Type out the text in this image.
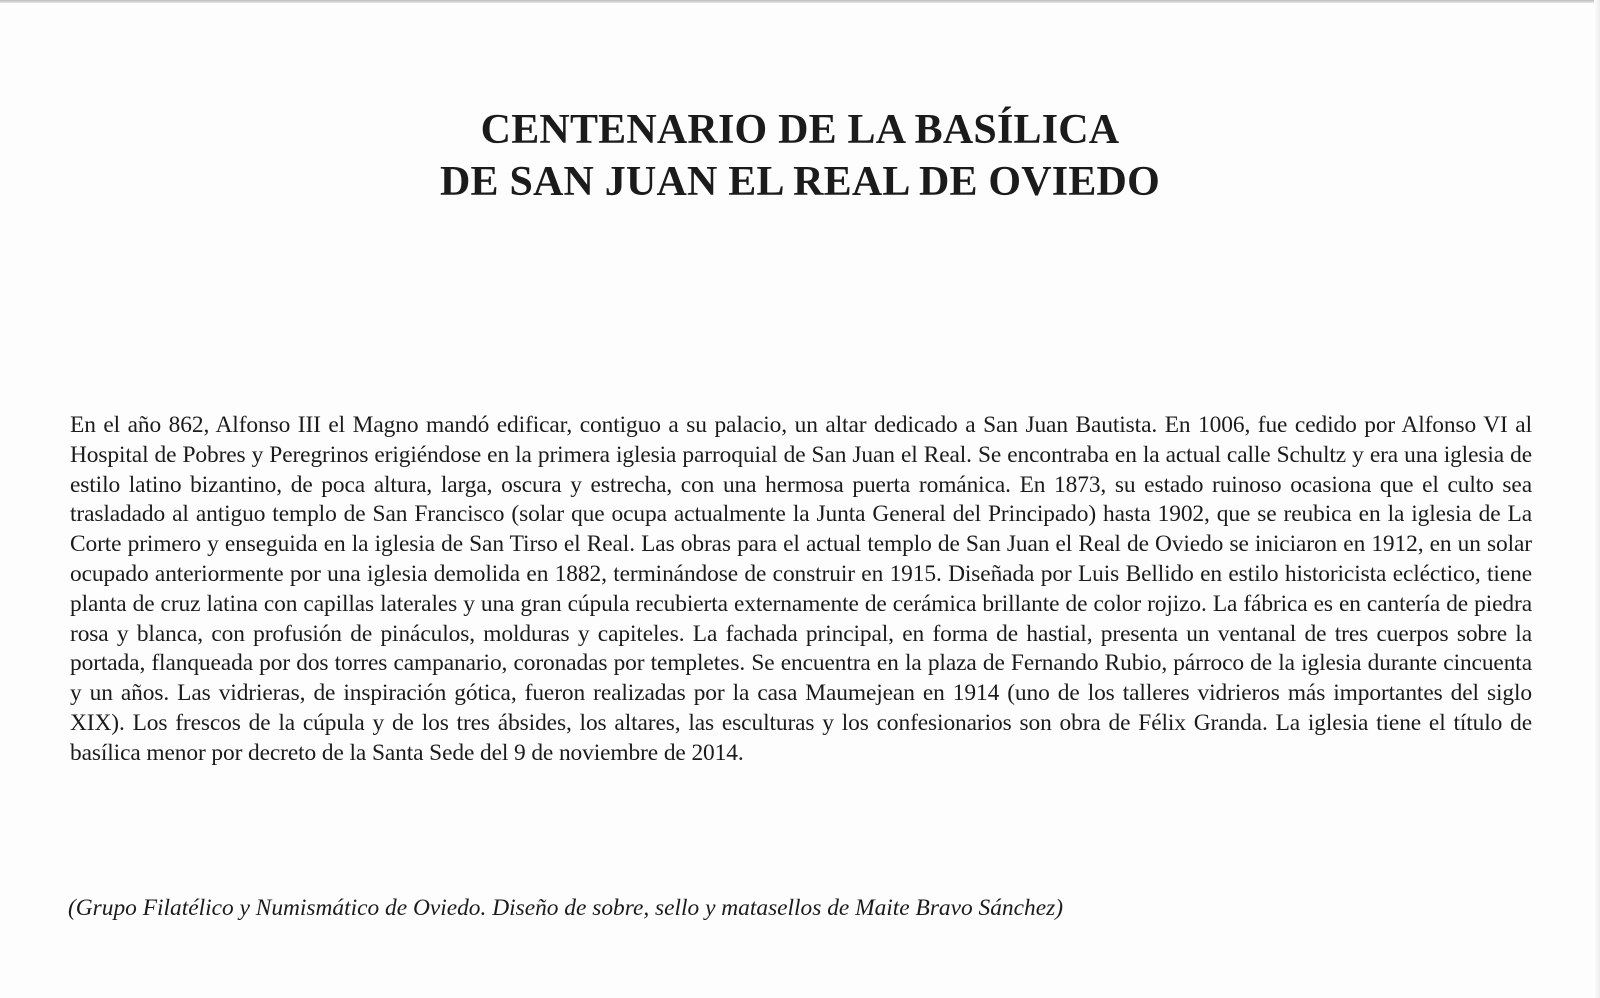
CENTENARIO DE LA BASÍLICA
DE SAN JUAN EL REAL DE OVIEDO

En el año 862, Alfonso III el Magno mandó edificar, contiguo a su palacio, un altar dedicado a San Juan Bautista. En 1006, fue cedido por Alfonso VI al Hospital de Pobres y Peregrinos erigiéndose en la primera iglesia parroquial de San Juan el Real. Se encontraba en la actual calle Schultz y era una iglesia de estilo latino bizantino, de poca altura, larga, oscura y estrecha, con una hermosa puerta románica. En 1873, su estado ruinoso ocasiona que el culto sea trasladado al antiguo templo de San Francisco (solar que ocupa actualmente la Junta General del Principado) hasta 1902, que se reubica en la iglesia de La Corte primero y enseguida en la iglesia de San Tirso el Real. Las obras para el actual templo de San Juan el Real de Oviedo se iniciaron en 1912, en un solar ocupado anteriormente por una iglesia demolida en 1882, terminándose de construir en 1915. Diseñada por Luis Bellido en estilo historicista ecléctico, tiene planta de cruz latina con capillas laterales y una gran cúpula recubierta externamente de cerámica brillante de color rojizo. La fábrica es en cantería de piedra rosa y blanca, con profusión de pináculos, molduras y capiteles. La fachada principal, en forma de hastial, presenta un ventanal de tres cuerpos sobre la portada, flanqueada por dos torres campanario, coronadas por templetes. Se encuentra en la plaza de Fernando Rubio, párroco de la iglesia durante cincuenta y un años. Las vidrieras, de inspiración gótica, fueron realizadas por la casa Maumejean en 1914 (uno de los talleres vidrieros más importantes del siglo XIX). Los frescos de la cúpula y de los tres ábsides, los altares, las esculturas y los confesionarios son obra de Félix Granda. La iglesia tiene el título de basílica menor por decreto de la Santa Sede del 9 de noviembre de 2014.

(Grupo Filatélico y Numismático de Oviedo. Diseño de sobre, sello y matasellos de Maite Bravo Sánchez)
